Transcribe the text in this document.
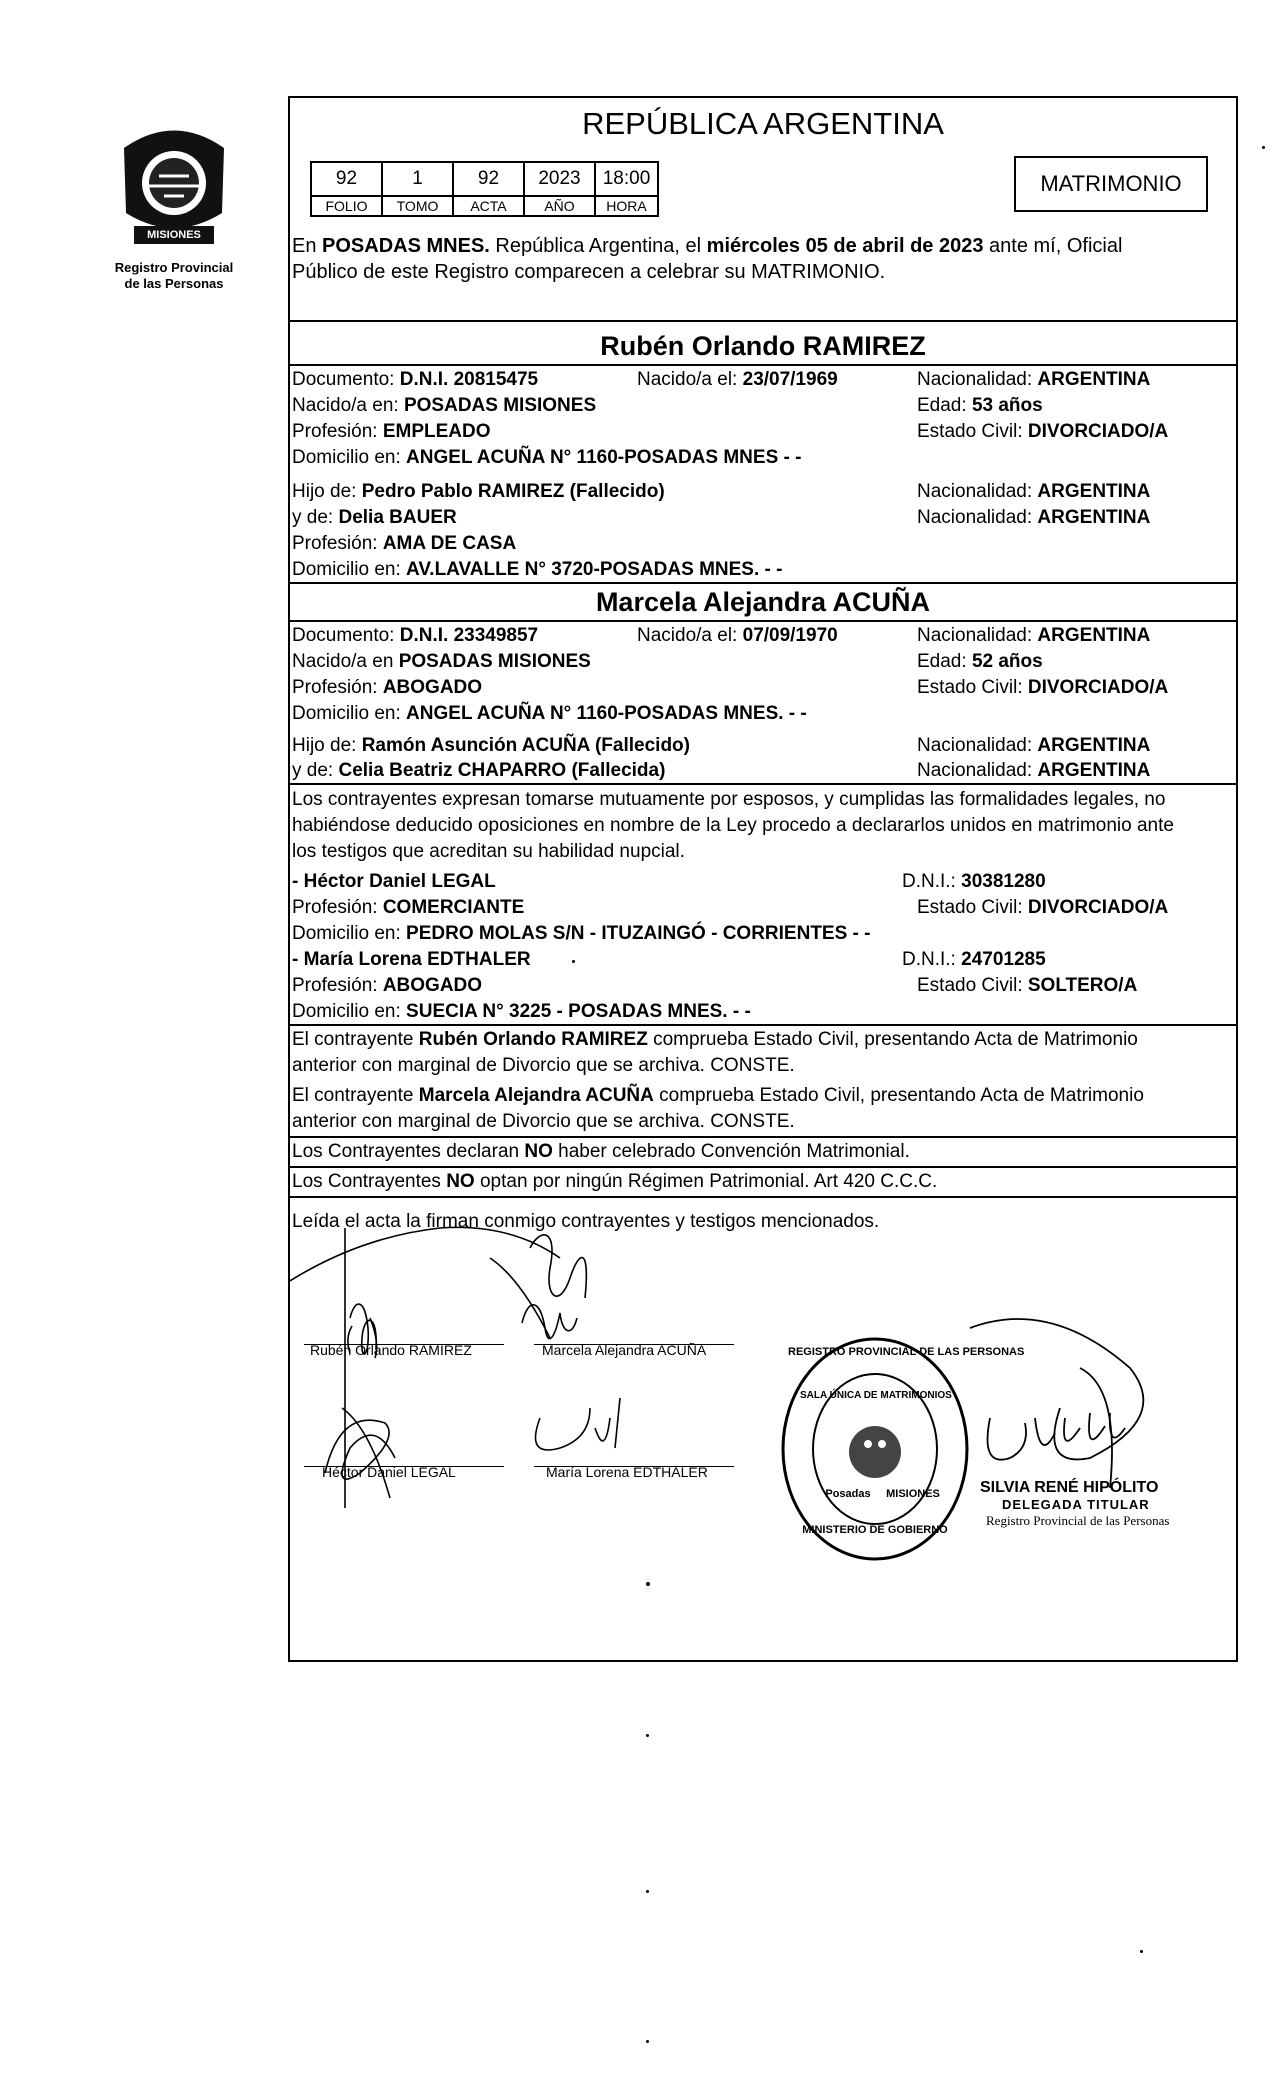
MISIONES
Registro Provincial
de las Personas
REPÚBLICA ARGENTINA
92	1	92	2023	18:00
FOLIO	TOMO	ACTA	AÑO	HORA
MATRIMONIO
En POSADAS MNES. República Argentina, el miércoles 05 de abril de 2023 ante mí, Oficial
Público de este Registro comparecen a celebrar su MATRIMONIO.
Rubén Orlando RAMIREZ
Documento: D.N.I. 20815475	Nacido/a el: 23/07/1969	Nacionalidad: ARGENTINA
Nacido/a en: POSADAS MISIONES	Edad: 53 años
Profesión: EMPLEADO	Estado Civil: DIVORCIADO/A
Domicilio en: ANGEL ACUÑA N° 1160-POSADAS MNES - -
Hijo de: Pedro Pablo RAMIREZ (Fallecido)	Nacionalidad: ARGENTINA
y de: Delia BAUER	Nacionalidad: ARGENTINA
Profesión: AMA DE CASA
Domicilio en: AV.LAVALLE N° 3720-POSADAS MNES. - -
Marcela Alejandra ACUÑA
Documento: D.N.I. 23349857	Nacido/a el: 07/09/1970	Nacionalidad: ARGENTINA
Nacido/a en POSADAS MISIONES	Edad: 52 años
Profesión: ABOGADO	Estado Civil: DIVORCIADO/A
Domicilio en: ANGEL ACUÑA N° 1160-POSADAS MNES. - -
Hijo de: Ramón Asunción ACUÑA (Fallecido)	Nacionalidad: ARGENTINA
y de: Celia Beatriz CHAPARRO (Fallecida)	Nacionalidad: ARGENTINA
Los contrayentes expresan tomarse mutuamente por esposos, y cumplidas las formalidades legales, no
habiéndose deducido oposiciones en nombre de la Ley procedo a declararlos unidos en matrimonio ante
los testigos que acreditan su habilidad nupcial.
- Héctor Daniel LEGAL	D.N.I.: 30381280
Profesión: COMERCIANTE	Estado Civil: DIVORCIADO/A
Domicilio en: PEDRO MOLAS S/N - ITUZAINGÓ - CORRIENTES - -
- María Lorena EDTHALER	D.N.I.: 24701285
Profesión: ABOGADO	Estado Civil: SOLTERO/A
Domicilio en: SUECIA N° 3225 - POSADAS MNES. - -
El contrayente Rubén Orlando RAMIREZ comprueba Estado Civil, presentando Acta de Matrimonio
anterior con marginal de Divorcio que se archiva. CONSTE.
El contrayente Marcela Alejandra ACUÑA comprueba Estado Civil, presentando Acta de Matrimonio
anterior con marginal de Divorcio que se archiva. CONSTE.
Los Contrayentes declaran NO haber celebrado Convención Matrimonial.
Los Contrayentes NO optan por ningún Régimen Patrimonial. Art 420 C.C.C.
Leída el acta la firman conmigo contrayentes y testigos mencionados.
Rubén Orlando RAMIREZ	Marcela Alejandra ACUÑA
Héctor Daniel LEGAL	María Lorena EDTHALER
REGISTRO PROVINCIAL DE LAS PERSONAS
SALA ÚNICA DE MATRIMONIOS
Posadas	MISIONES
MINISTERIO DE GOBIERNO
SILVIA RENÉ HIPÓLITO
DELEGADA TITULAR
Registro Provincial de las Personas
